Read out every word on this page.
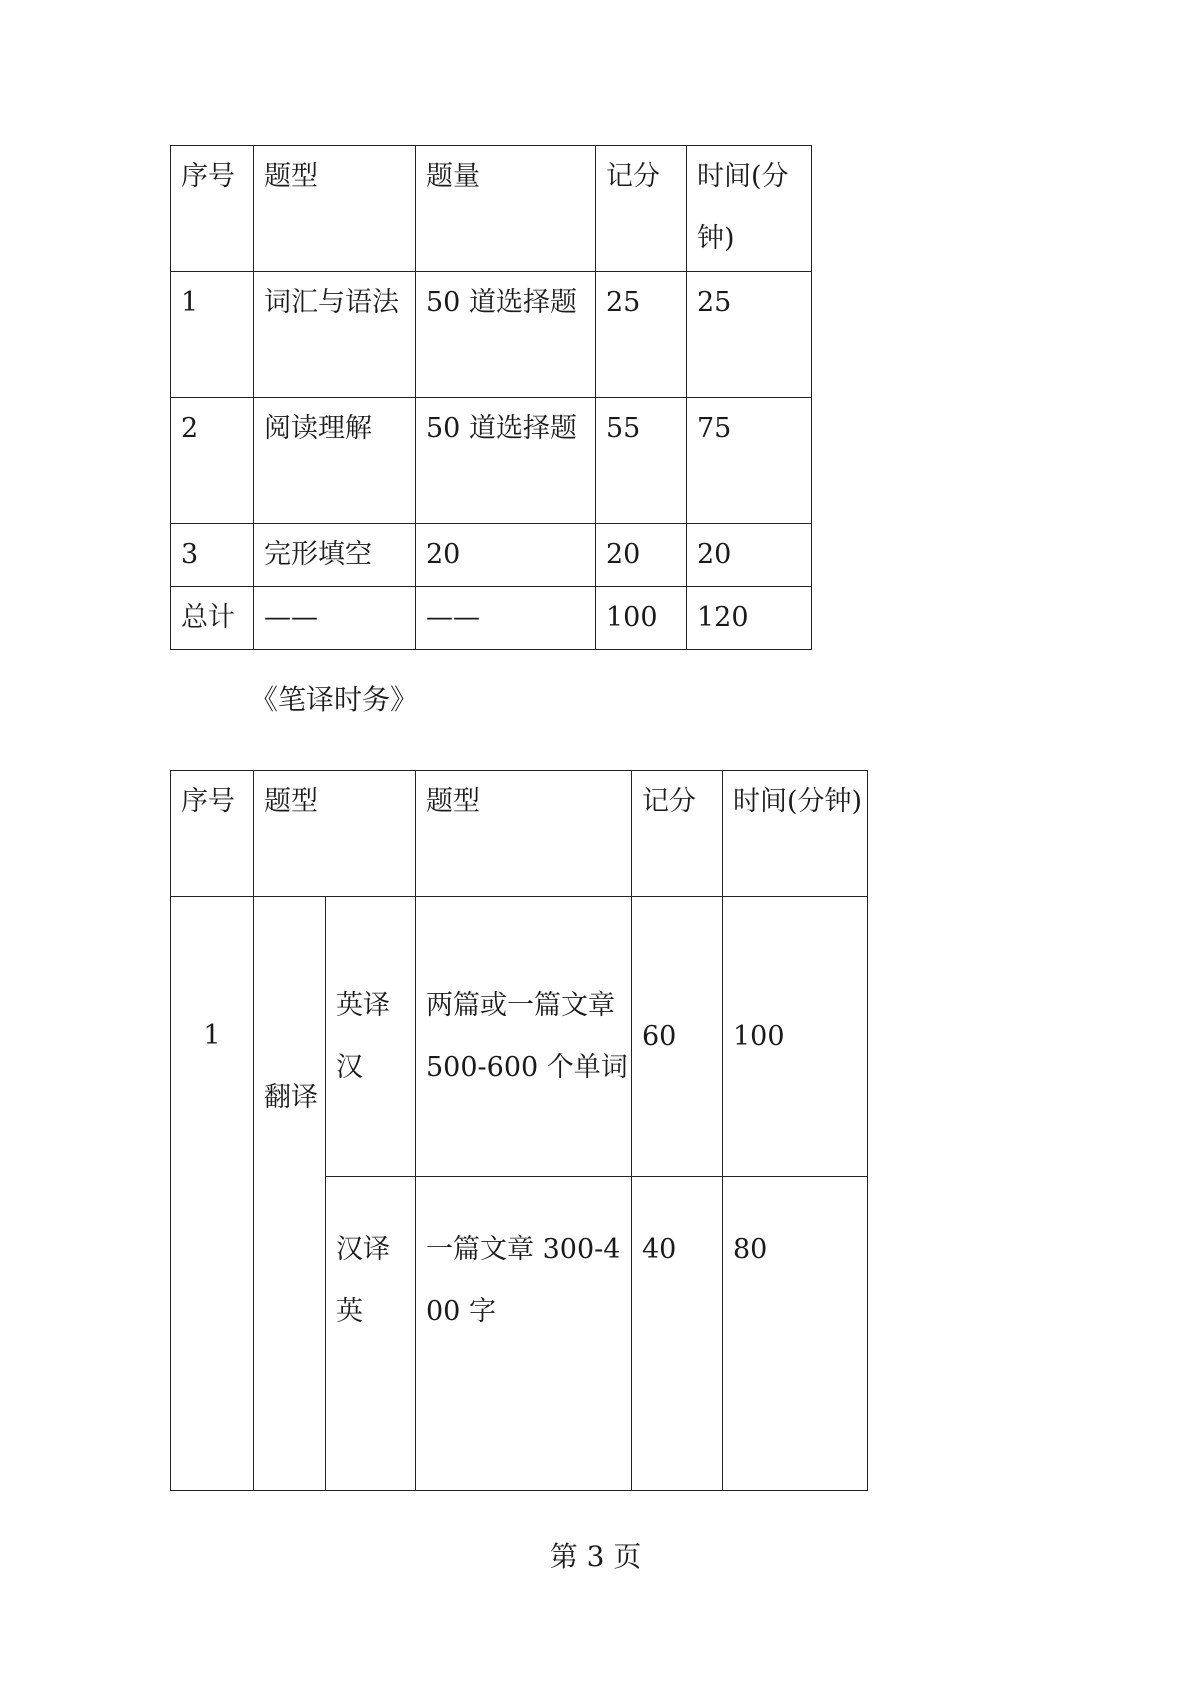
序号	题型	题量	记分	时间(分钟)
1	词汇与语法	50 道选择题	25	25
2	阅读理解	50 道选择题	55	75
3	完形填空	20	20	20
总计	——	——	100	120
《笔译时务》
序号	题型		题型	记分	时间(分钟)
1	翻译	英译汉	两篇或一篇文章 500-600 个单词	60	100
		汉译英	一篇文章 300-400 字	40	80
第 3 页
